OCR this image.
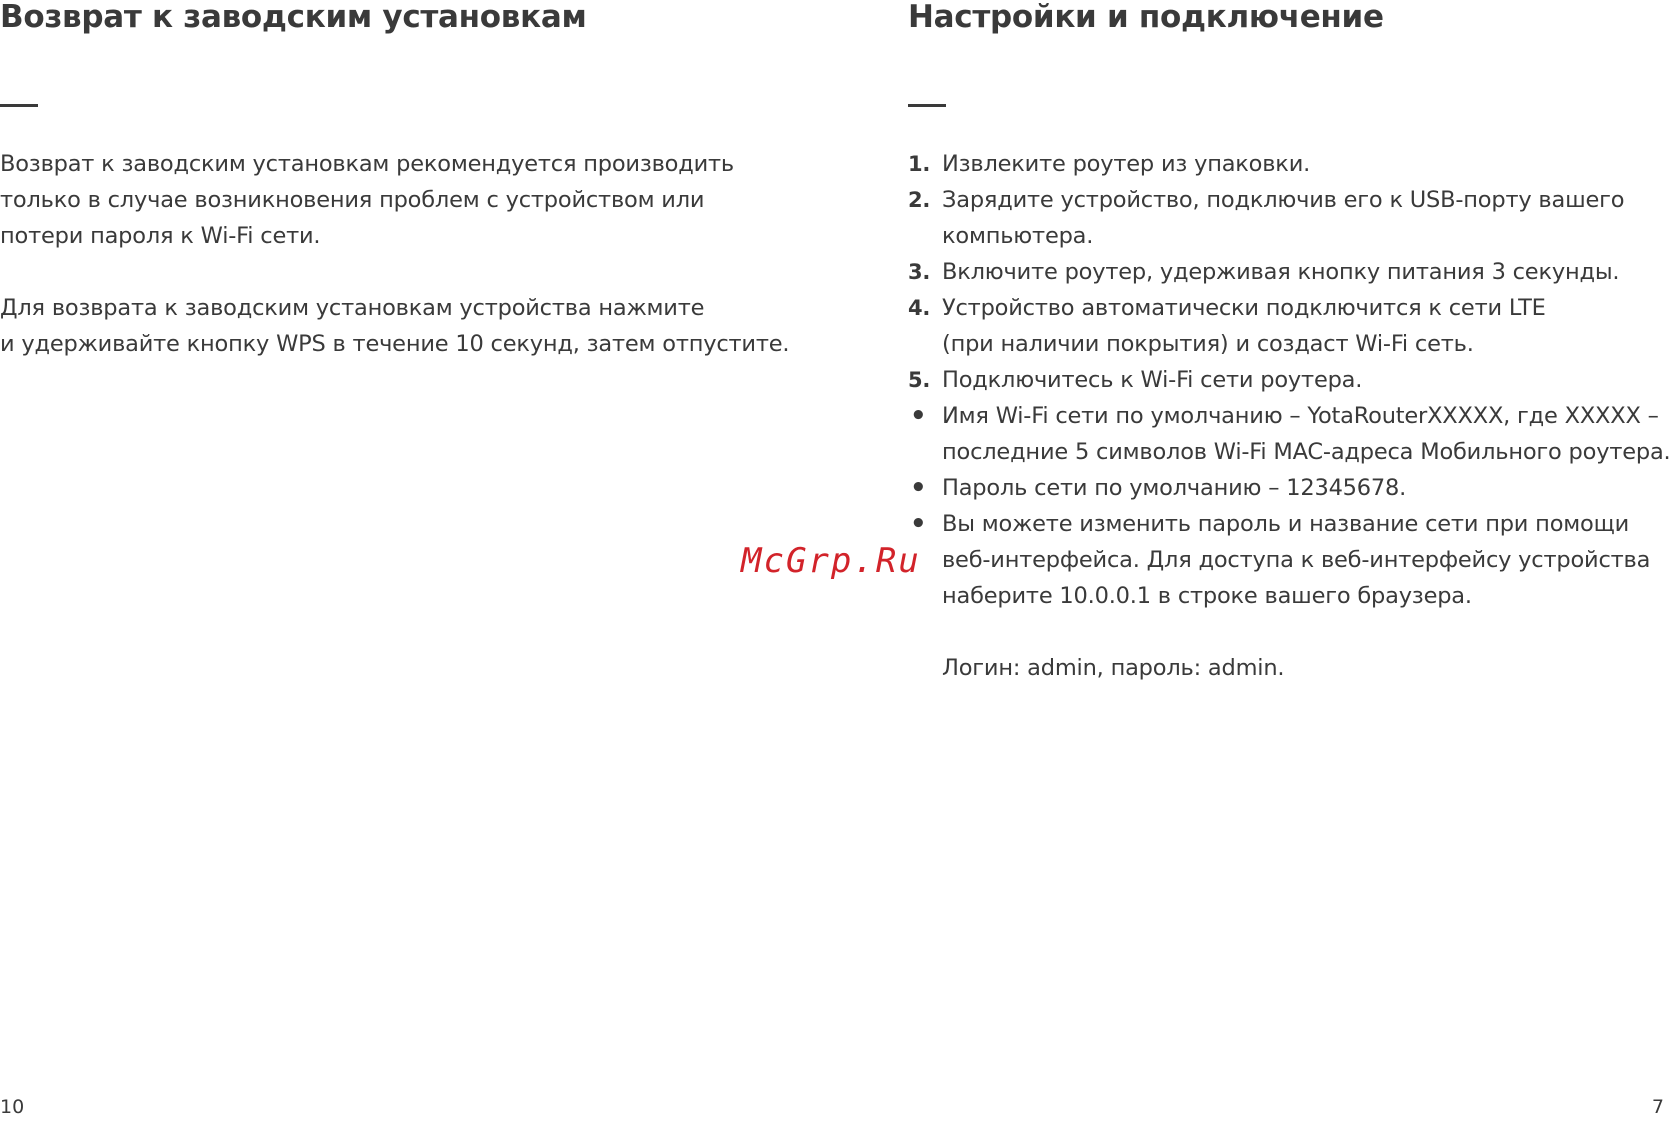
Возврат к заводским установкам
Возврат к заводским установкам рекомендуется производить
только в случае возникновения проблем с устройством или
потери пароля к Wi-Fi сети.
Для возврата к заводским установкам устройства нажмите
и удерживайте кнопку WPS в течение 10 секунд, затем отпустите.
Настройки и подключение
1. Извлеките роутер из упаковки.
2. Зарядите устройство, подключив его к USB-порту вашего
компьютера.
3. Включите роутер, удерживая кнопку питания 3 секунды.
4. Устройство автоматически подключится к сети LTE
(при наличии покрытия) и создаст Wi-Fi сеть.
5. Подключитесь к Wi-Fi сети роутера.
• Имя Wi-Fi сети по умолчанию – YotaRouterXXXXX, где XXXXX –
последние 5 символов Wi-Fi MAC-адреса Мобильного роутера.
• Пароль сети по умолчанию – 12345678.
• Вы можете изменить пароль и название сети при помощи
веб-интерфейса. Для доступа к веб-интерфейсу устройства
наберите 10.0.0.1 в строке вашего браузера.
Логин: admin, пароль: admin.
McGrp.Ru
10	7
